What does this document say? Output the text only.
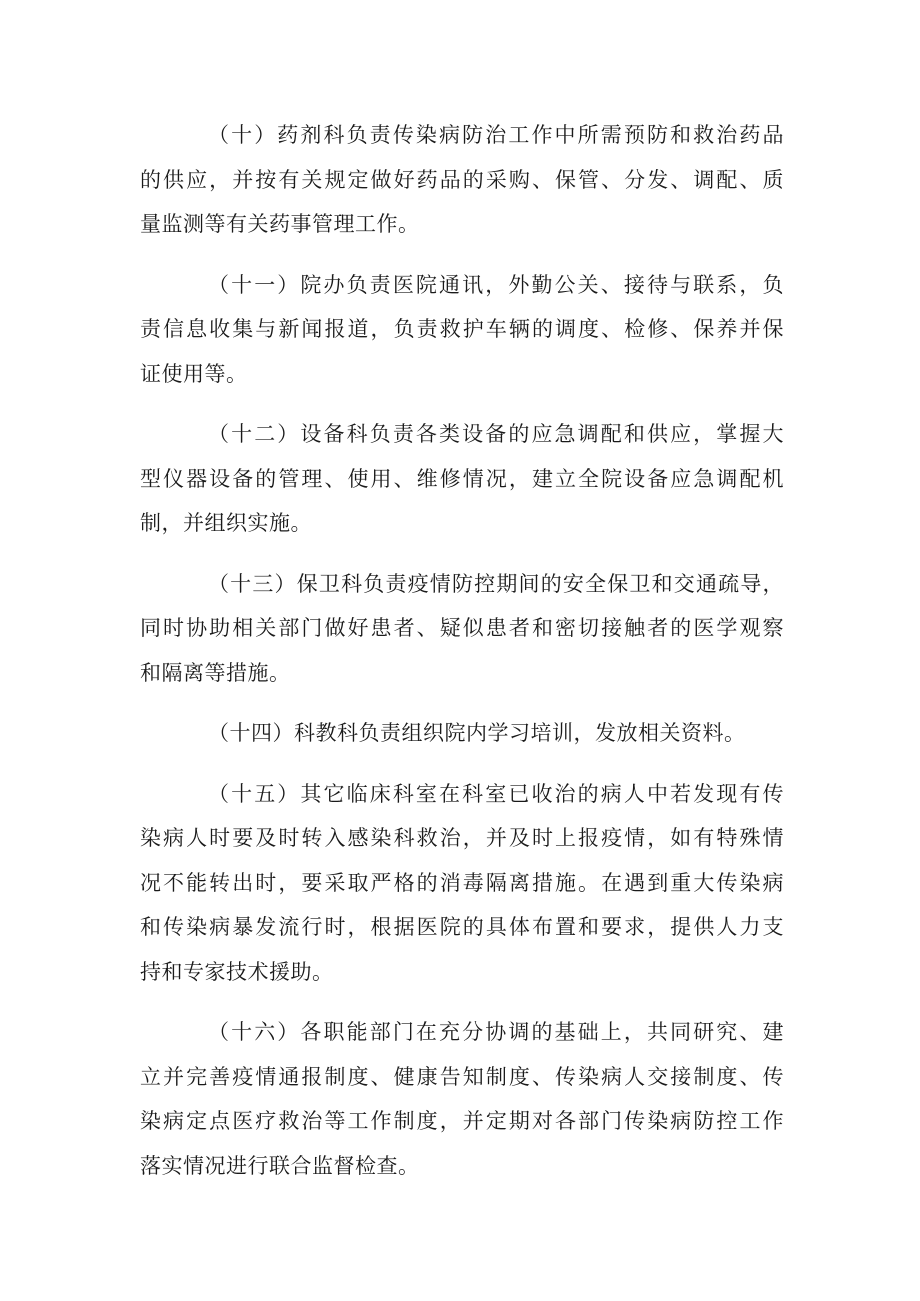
（十）药剂科负责传染病防治工作中所需预防和救治药品
的供应，并按有关规定做好药品的采购、保管、分发、调配、质
量监测等有关药事管理工作。
（十一）院办负责医院通讯，外勤公关、接待与联系，负
责信息收集与新闻报道，负责救护车辆的调度、检修、保养并保
证使用等。
（十二）设备科负责各类设备的应急调配和供应，掌握大
型仪器设备的管理、使用、维修情况，建立全院设备应急调配机
制，并组织实施。
（十三）保卫科负责疫情防控期间的安全保卫和交通疏导，
同时协助相关部门做好患者、疑似患者和密切接触者的医学观察
和隔离等措施。
（十四）科教科负责组织院内学习培训，发放相关资料。
（十五）其它临床科室在科室已收治的病人中若发现有传
染病人时要及时转入感染科救治，并及时上报疫情，如有特殊情
况不能转出时，要采取严格的消毒隔离措施。在遇到重大传染病
和传染病暴发流行时，根据医院的具体布置和要求，提供人力支
持和专家技术援助。
（十六）各职能部门在充分协调的基础上，共同研究、建
立并完善疫情通报制度、健康告知制度、传染病人交接制度、传
染病定点医疗救治等工作制度，并定期对各部门传染病防控工作
落实情况进行联合监督检查。
